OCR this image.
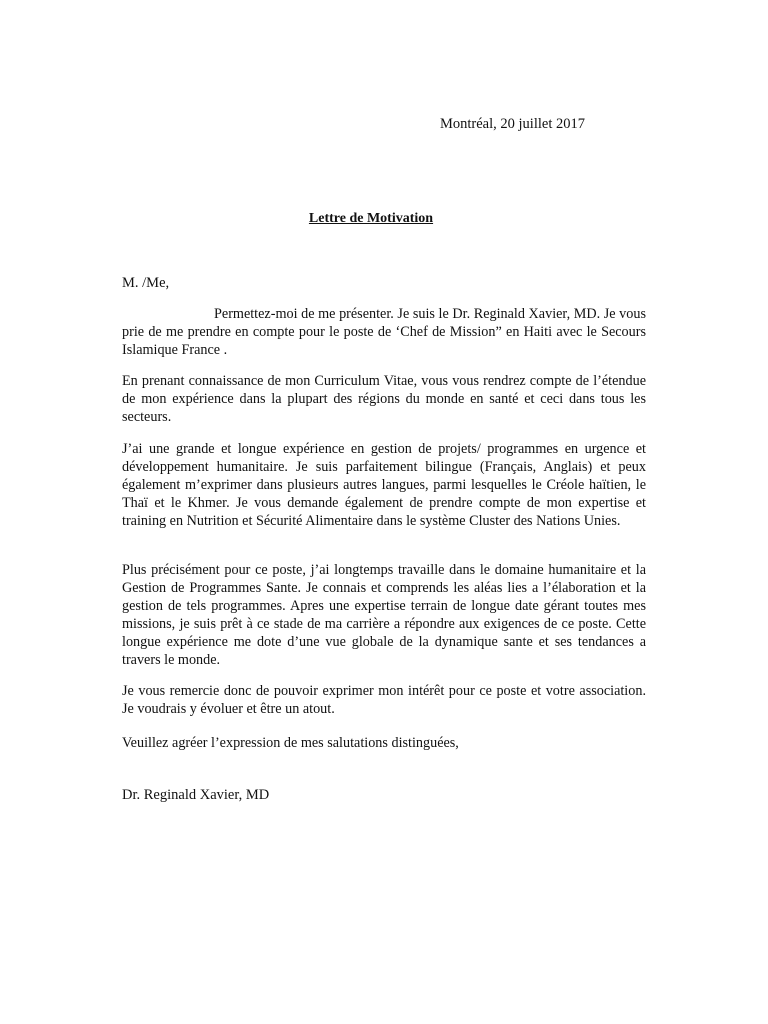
Montréal, 20 juillet 2017
Lettre de Motivation
M. /Me,
Permettez-moi de me présenter. Je suis le Dr. Reginald Xavier, MD. Je vous prie de me prendre en compte pour le poste de ‘Chef de Mission” en Haiti avec le Secours Islamique France .
En prenant connaissance de mon Curriculum Vitae, vous vous rendrez compte de l’étendue de mon expérience dans la plupart des régions du monde en santé et ceci dans tous les secteurs.
J’ai une grande et longue expérience en gestion de projets/ programmes en urgence et développement humanitaire. Je suis parfaitement bilingue (Français, Anglais) et peux également m’exprimer dans plusieurs autres langues, parmi lesquelles le Créole haïtien, le Thaï et le Khmer. Je vous demande également de prendre compte de mon expertise et training en Nutrition et Sécurité Alimentaire dans le système Cluster des Nations Unies.
Plus précisément pour ce poste, j’ai longtemps travaille dans le domaine humanitaire et la Gestion de Programmes Sante. Je connais et comprends les aléas lies a l’élaboration et la gestion de tels programmes. Apres une expertise terrain de longue date gérant toutes mes missions, je suis prêt à ce stade de ma carrière a répondre aux exigences de ce poste. Cette longue expérience me dote d’une vue globale de la dynamique sante et ses tendances a travers le monde.
Je vous remercie donc de pouvoir exprimer mon intérêt pour ce poste et votre association. Je voudrais y évoluer et être un atout.
Veuillez agréer l’expression de mes salutations distinguées,
Dr. Reginald Xavier, MD
